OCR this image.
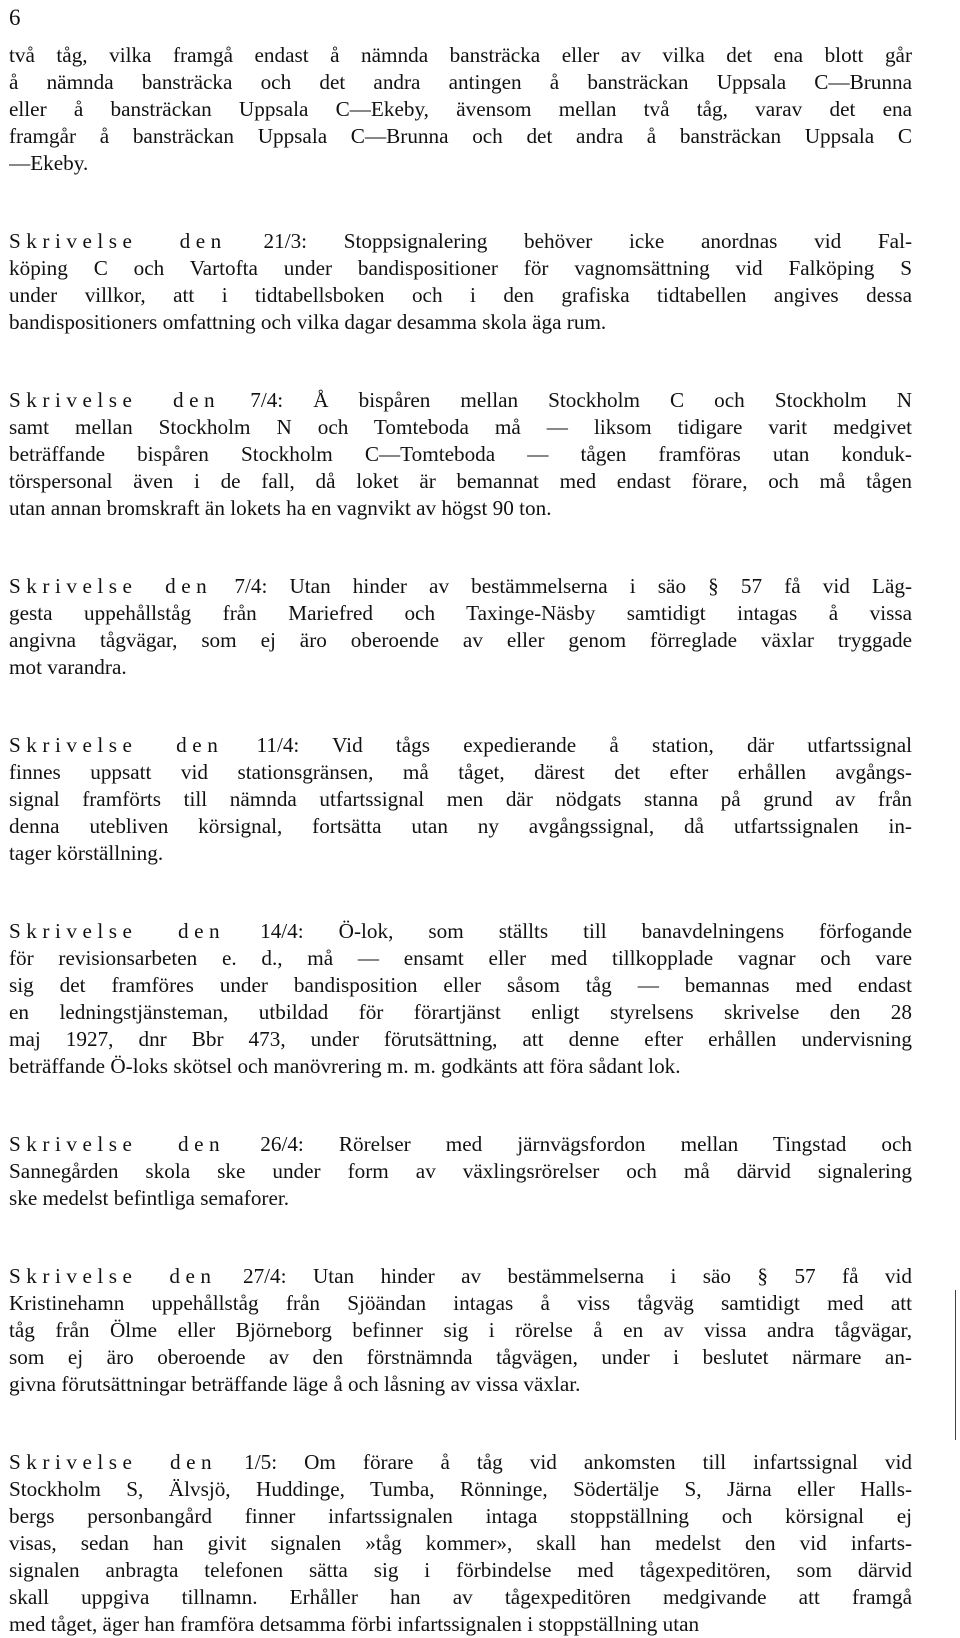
6
två tåg, vilka framgå endast å nämnda bansträcka eller av vilka det ena blott går
å nämnda bansträcka och det andra antingen å bansträckan Uppsala C—Brunna
eller å bansträckan Uppsala C—Ekeby, ävensom mellan två tåg, varav det ena
framgår å bansträckan Uppsala C—Brunna och det andra å bansträckan Uppsala C
—Ekeby.
Skrivelse den 21/3: Stoppsignalering behöver icke anordnas vid Fal-
köping C och Vartofta under bandispositioner för vagnomsättning vid Falköping S
under villkor, att i tidtabellsboken och i den grafiska tidtabellen angives dessa
bandispositioners omfattning och vilka dagar desamma skola äga rum.
Skrivelse den 7/4: Å bispåren mellan Stockholm C och Stockholm N
samt mellan Stockholm N och Tomteboda må — liksom tidigare varit medgivet
beträffande bispåren Stockholm C—Tomteboda — tågen framföras utan konduk-
törspersonal även i de fall, då loket är bemannat med endast förare, och må tågen
utan annan bromskraft än lokets ha en vagnvikt av högst 90 ton.
Skrivelse den 7/4: Utan hinder av bestämmelserna i säo § 57 få vid Läg-
gesta uppehållståg från Mariefred och Taxinge-Näsby samtidigt intagas å vissa
angivna tågvägar, som ej äro oberoende av eller genom förreglade växlar tryggade
mot varandra.
Skrivelse den 11/4: Vid tågs expedierande å station, där utfartssignal
finnes uppsatt vid stationsgränsen, må tåget, därest det efter erhållen avgångs-
signal framförts till nämnda utfartssignal men där nödgats stanna på grund av från
denna utebliven körsignal, fortsätta utan ny avgångssignal, då utfartssignalen in-
tager körställning.
Skrivelse den 14/4: Ö-lok, som ställts till banavdelningens förfogande
för revisionsarbeten e. d., må — ensamt eller med tillkopplade vagnar och vare
sig det framföres under bandisposition eller såsom tåg — bemannas med endast
en ledningstjänsteman, utbildad för förartjänst enligt styrelsens skrivelse den 28
maj 1927, dnr Bbr 473, under förutsättning, att denne efter erhållen undervisning
beträffande Ö-loks skötsel och manövrering m. m. godkänts att föra sådant lok.
Skrivelse den 26/4: Rörelser med järnvägsfordon mellan Tingstad och
Sannegården skola ske under form av växlingsrörelser och må därvid signalering
ske medelst befintliga semaforer.
Skrivelse den 27/4: Utan hinder av bestämmelserna i säo § 57 få vid
Kristinehamn uppehållståg från Sjöändan intagas å viss tågväg samtidigt med att
tåg från Ölme eller Björneborg befinner sig i rörelse å en av vissa andra tågvägar,
som ej äro oberoende av den förstnämnda tågvägen, under i beslutet närmare an-
givna förutsättningar beträffande läge å och låsning av vissa växlar.
Skrivelse den 1/5: Om förare å tåg vid ankomsten till infartssignal vid
Stockholm S, Älvsjö, Huddinge, Tumba, Rönninge, Södertälje S, Järna eller Halls-
bergs personbangård finner infartssignalen intaga stoppställning och körsignal ej
visas, sedan han givit signalen »tåg kommer», skall han medelst den vid infarts-
signalen anbragta telefonen sätta sig i förbindelse med tågexpeditören, som därvid
skall uppgiva tillnamn. Erhåller han av tågexpeditören medgivande att framgå
med tåget, äger han framföra detsamma förbi infartssignalen i stoppställning utan
